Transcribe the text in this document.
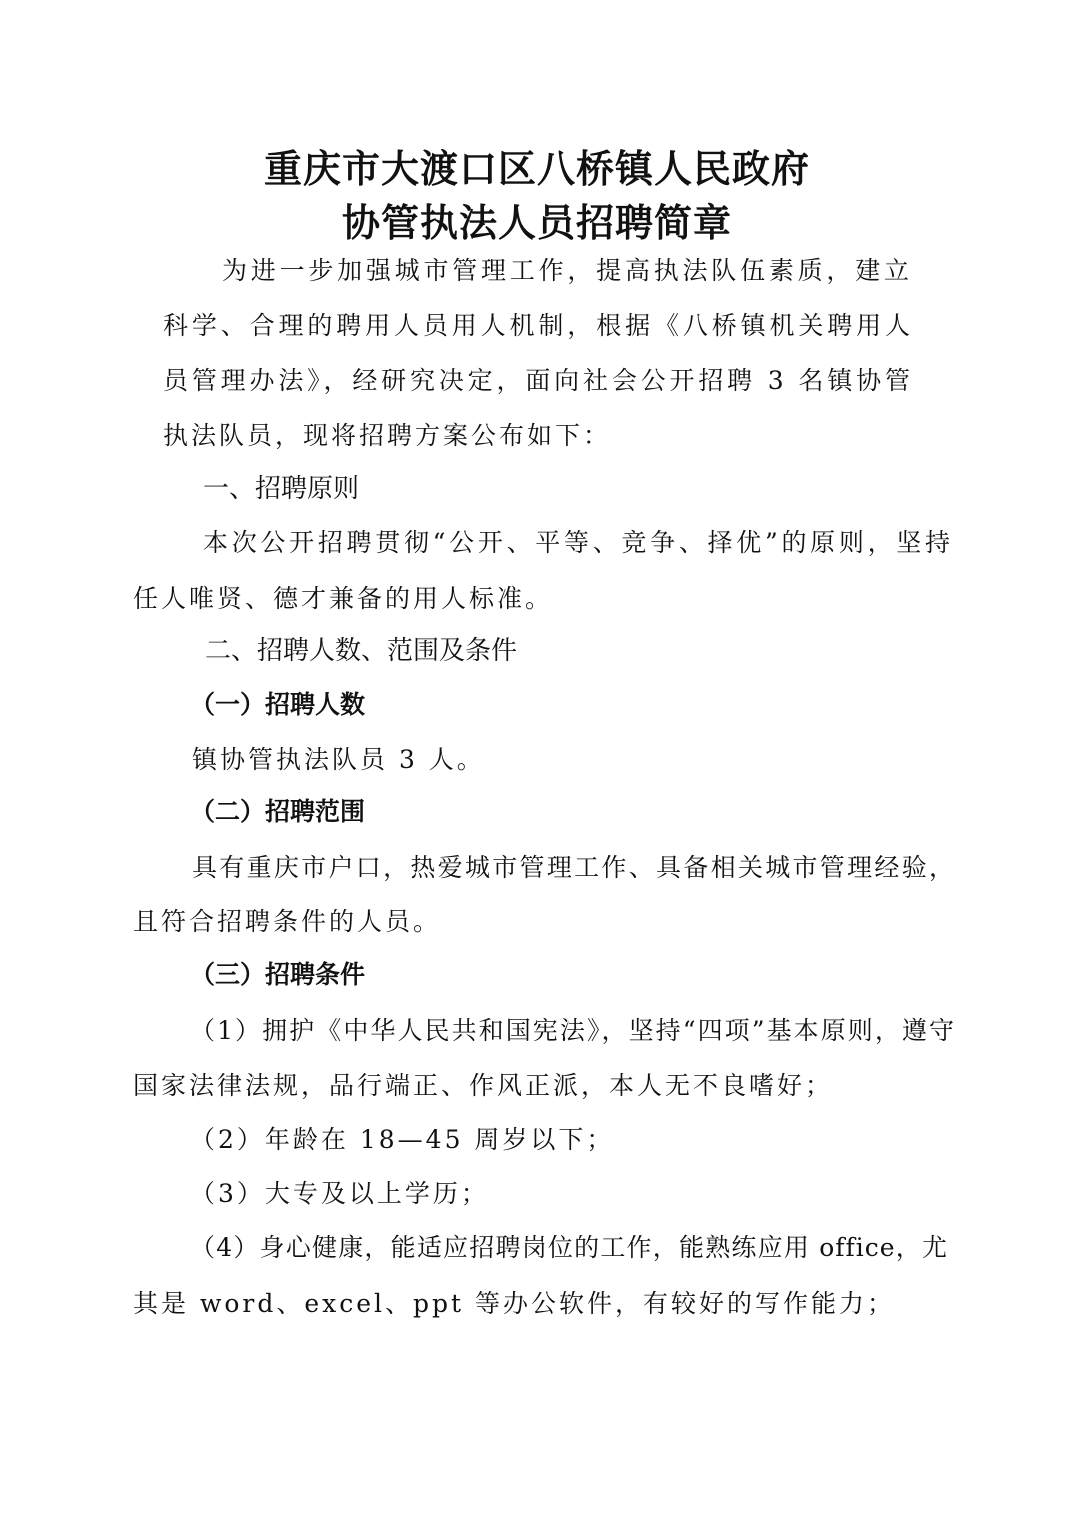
重庆市大渡口区八桥镇人民政府
协管执法人员招聘简章
为进一步加强城市管理工作，提高执法队伍素质，建立
科学、合理的聘用人员用人机制，根据《八桥镇机关聘用人
员管理办法》，经研究决定，面向社会公开招聘 3 名镇协管
执法队员，现将招聘方案公布如下：
一、招聘原则
本次公开招聘贯彻“公开、平等、竞争、择优”的原则，坚持
任人唯贤、德才兼备的用人标准。
二、招聘人数、范围及条件
（一）招聘人数
镇协管执法队员 3 人。
（二）招聘范围
具有重庆市户口，热爱城市管理工作、具备相关城市管理经验，
且符合招聘条件的人员。
（三）招聘条件
（1）拥护《中华人民共和国宪法》，坚持“四项”基本原则，遵守
国家法律法规，品行端正、作风正派，本人无不良嗜好；
（2）年龄在 18—45 周岁以下；
（3）大专及以上学历；
（4）身心健康，能适应招聘岗位的工作，能熟练应用 office，尤
其是 word、excel、ppt 等办公软件，有较好的写作能力；
